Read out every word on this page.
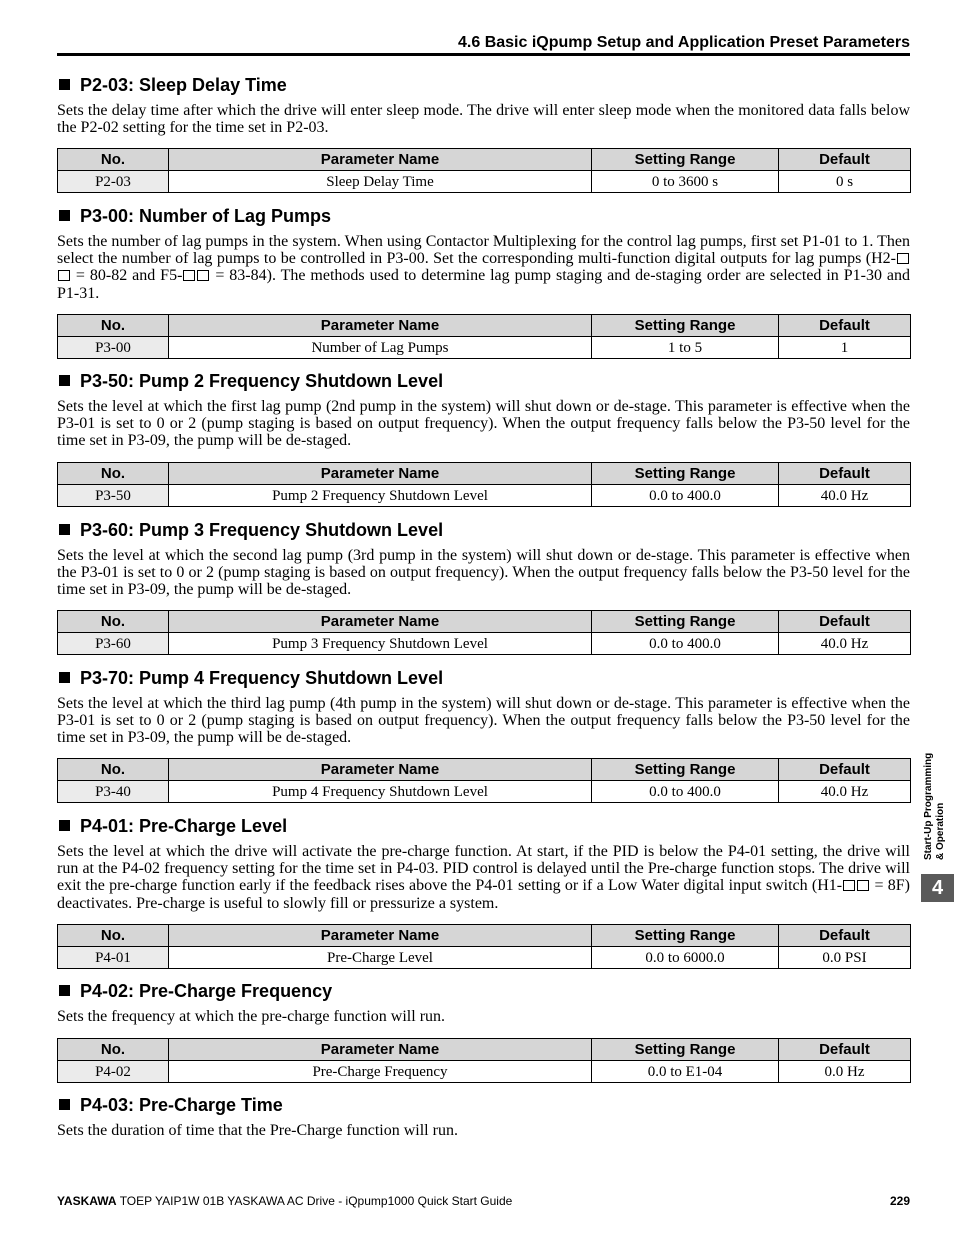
4.6 Basic iQpump Setup and Application Preset Parameters
P2-03: Sleep Delay Time
Sets the delay time after which the drive will enter sleep mode. The drive will enter sleep mode when the monitored data falls below the P2-02 setting for the time set in P2-03.
No.	Parameter Name	Setting Range	Default
P2-03	Sleep Delay Time	0 to 3600 s	0 s
P3-00: Number of Lag Pumps
Sets the number of lag pumps in the system. When using Contactor Multiplexing for the control lag pumps, first set P1-01 to 1. Then select the number of lag pumps to be controlled in P3-00. Set the corresponding multi-function digital outputs for lag pumps (H2- = 80-82 and F5- = 83-84). The methods used to determine lag pump staging and de-staging order are selected in P1-30 and P1-31.
No.	Parameter Name	Setting Range	Default
P3-00	Number of Lag Pumps	1 to 5	1
P3-50: Pump 2 Frequency Shutdown Level
Sets the level at which the first lag pump (2nd pump in the system) will shut down or de-stage. This parameter is effective when the P3-01 is set to 0 or 2 (pump staging is based on output frequency). When the output frequency falls below the P3-50 level for the time set in P3-09, the pump will be de-staged.
No.	Parameter Name	Setting Range	Default
P3-50	Pump 2 Frequency Shutdown Level	0.0 to 400.0	40.0 Hz
P3-60: Pump 3 Frequency Shutdown Level
Sets the level at which the second lag pump (3rd pump in the system) will shut down or de-stage. This parameter is effective when the P3-01 is set to 0 or 2 (pump staging is based on output frequency). When the output frequency falls below the P3-50 level for the time set in P3-09, the pump will be de-staged.
No.	Parameter Name	Setting Range	Default
P3-60	Pump 3 Frequency Shutdown Level	0.0 to 400.0	40.0 Hz
P3-70: Pump 4 Frequency Shutdown Level
Sets the level at which the third lag pump (4th pump in the system) will shut down or de-stage. This parameter is effective when the P3-01 is set to 0 or 2 (pump staging is based on output frequency). When the output frequency falls below the P3-50 level for the time set in P3-09, the pump will be de-staged.
No.	Parameter Name	Setting Range	Default
P3-40	Pump 4 Frequency Shutdown Level	0.0 to 400.0	40.0 Hz
P4-01: Pre-Charge Level
Sets the level at which the drive will activate the pre-charge function. At start, if the PID is below the P4-01 setting, the drive will run at the P4-02 frequency setting for the time set in P4-03. PID control is delayed until the Pre-charge function stops. The drive will exit the pre-charge function early if the feedback rises above the P4-01 setting or if a Low Water digital input switch (H1- = 8F) deactivates. Pre-charge is useful to slowly fill or pressurize a system.
No.	Parameter Name	Setting Range	Default
P4-01	Pre-Charge Level	0.0 to 6000.0	0.0 PSI
P4-02: Pre-Charge Frequency
Sets the frequency at which the pre-charge function will run.
No.	Parameter Name	Setting Range	Default
P4-02	Pre-Charge Frequency	0.0 to E1-04	0.0 Hz
P4-03: Pre-Charge Time
Sets the duration of time that the Pre-Charge function will run.
Start-Up Programming & Operation
4
YASKAWA TOEP YAIP1W 01B YASKAWA AC Drive - iQpump1000 Quick Start Guide	229
